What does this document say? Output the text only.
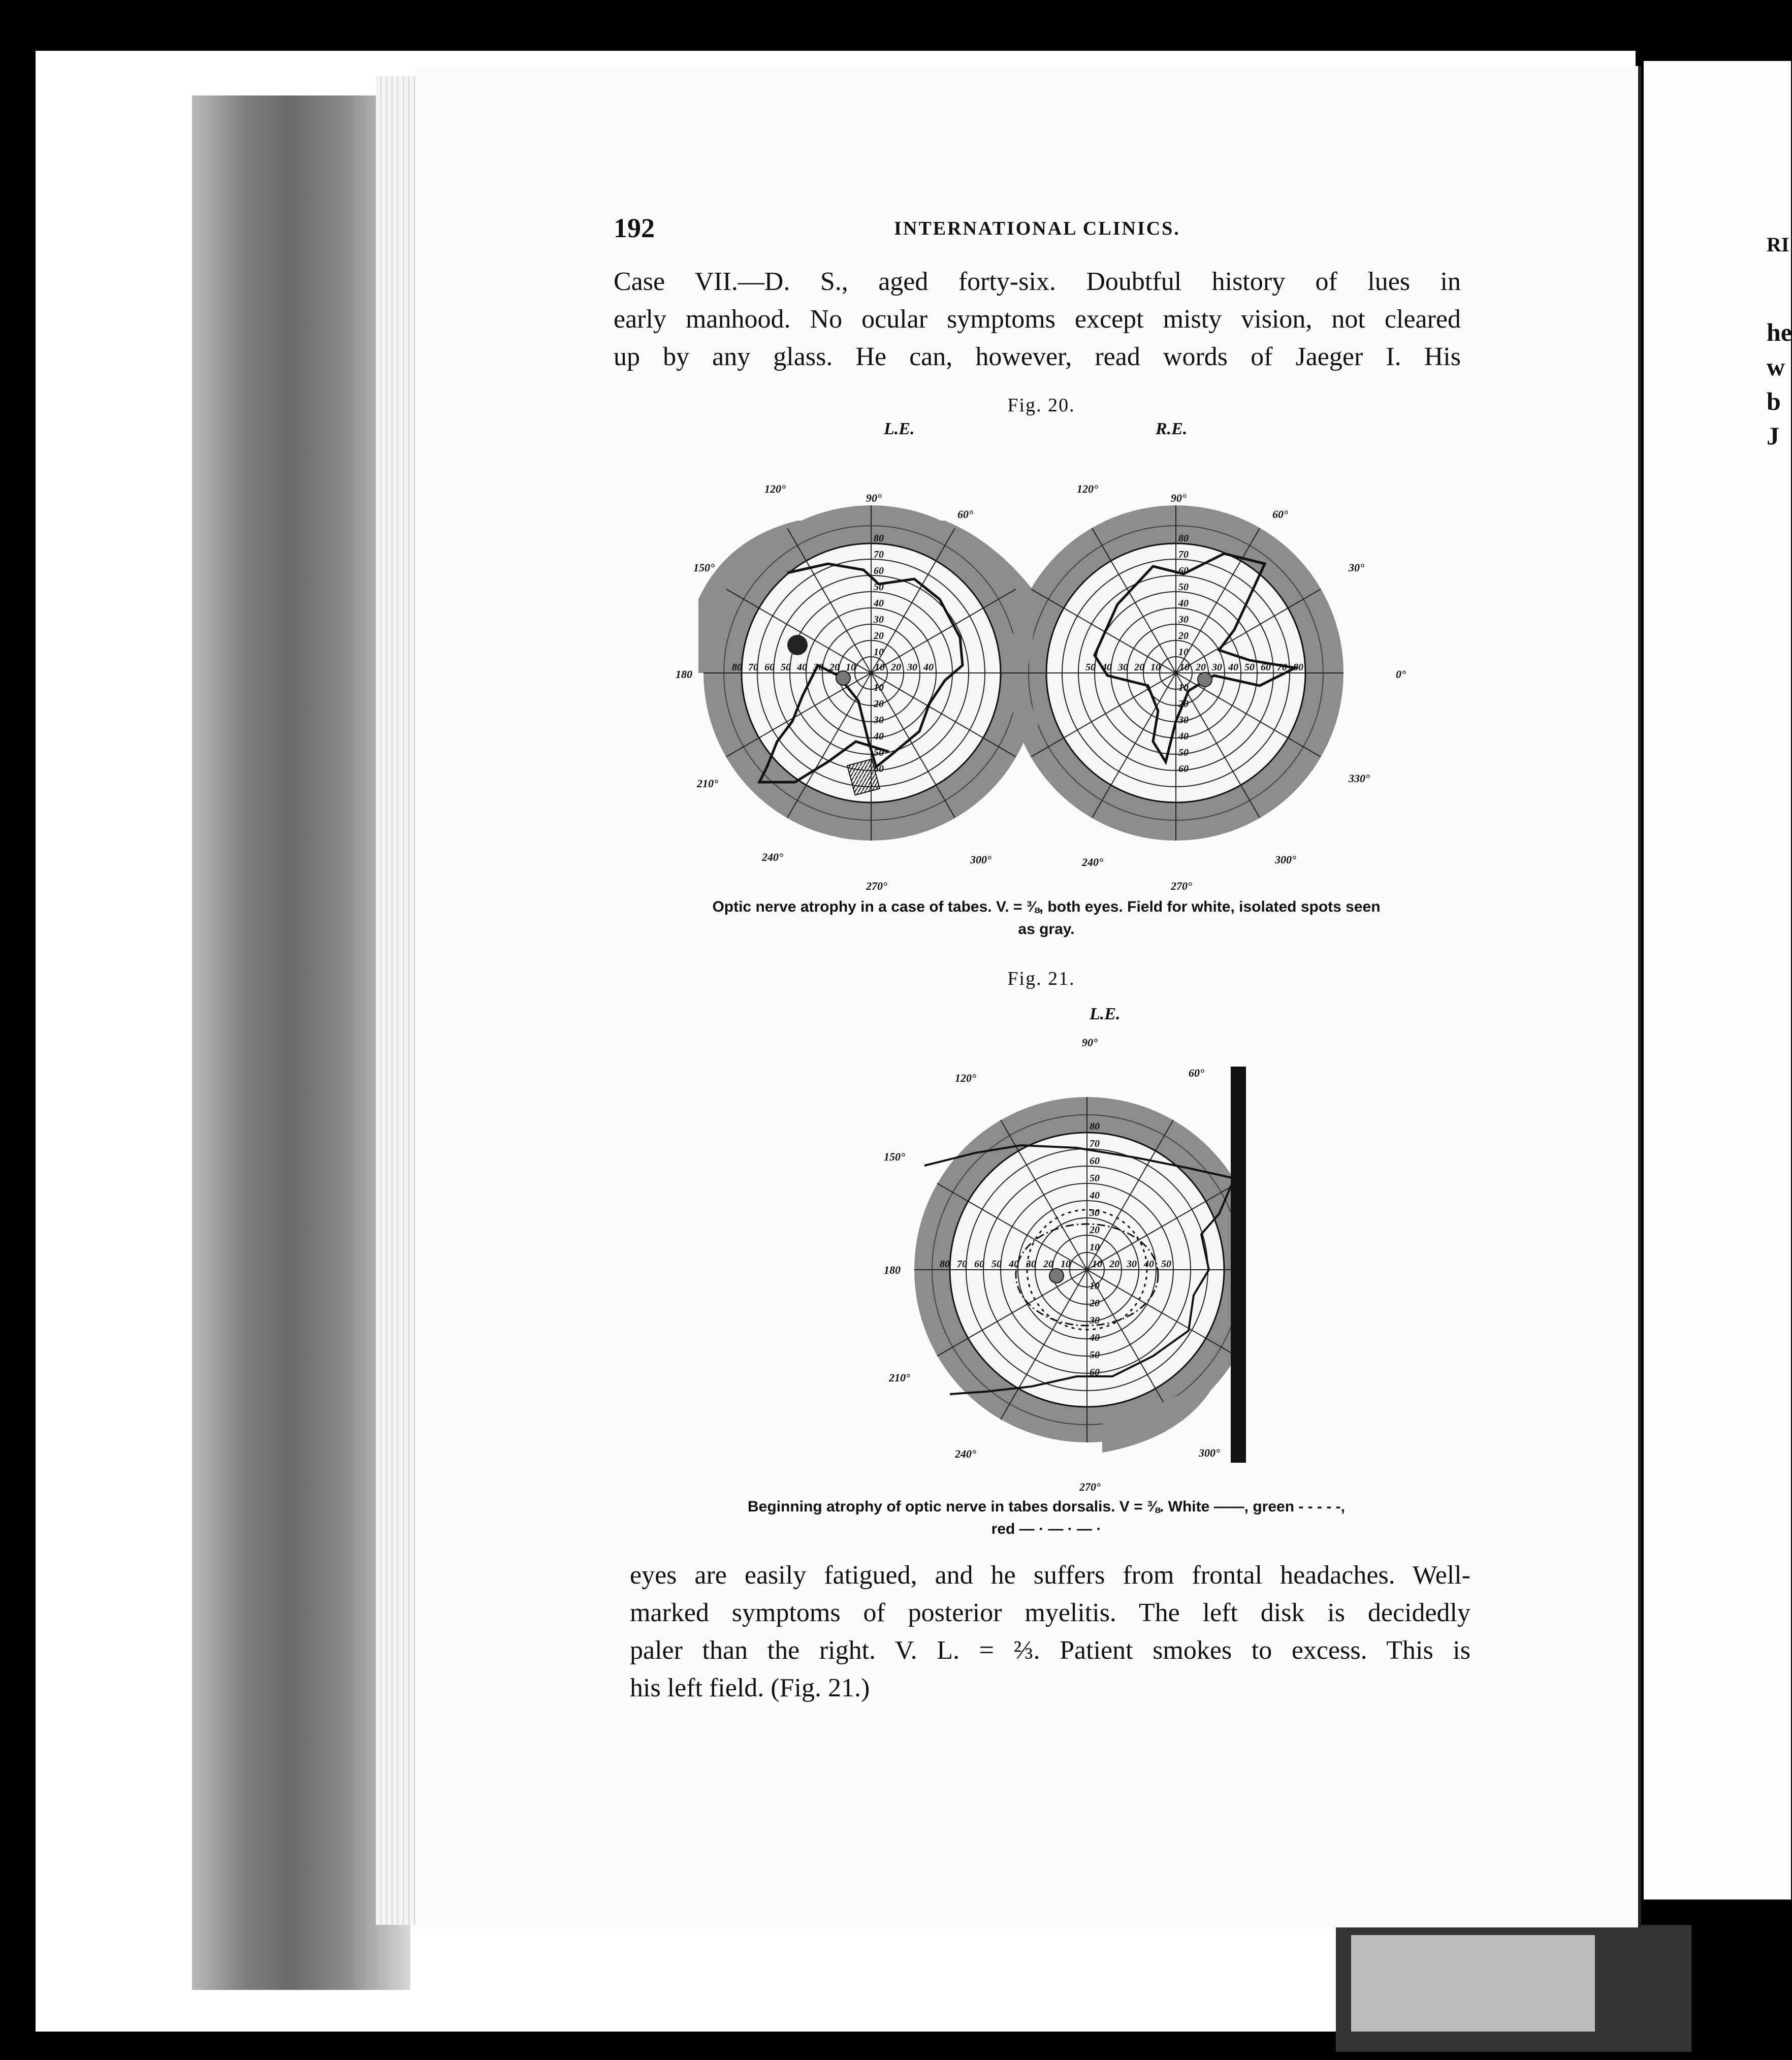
RI
he
w
b
J
192	INTERNATIONAL CLINICS.
Case VII.—D. S., aged forty-six. Doubtful history of lues in
early manhood. No ocular symptoms except misty vision, not cleared
up by any glass. He can, however, read words of Jaeger I. His
Fig. 20.
L.E.	R.E.
10
20
30
40
50
60
70
80	10 20 30 40
10
20
30
40
50
60
70
80
10
20
30
40
50
60
10
20
30
40
50	10 20 30 40 50 60 70 80
10
20
30
40
50
60
70
80
10
20
30
40
50
60
90°
60°
120°
150°
180
210°
240°
270°
300°
90°
120°
60°
30°
0°
330°
300°
240°
270°
Optic nerve atrophy in a case of tabes. V. = ⅜, both eyes. Field for white, isolated spots seen
as gray.
Fig. 21.
L.E.
10
20
30
40
50
60
70
80	10 20 30 40 50
10
20
30
40
50
60
70
80
10
20
30
40
50
60
90°
60°
120°
150°
180
210°
240°
270°
300°
Beginning atrophy of optic nerve in tabes dorsalis. V = ⅜. White ——, green - - - - -,
red — · — · — ·
eyes are easily fatigued, and he suffers from frontal headaches. Well-
marked symptoms of posterior myelitis. The left disk is decidedly
paler than the right. V. L. = ⅔. Patient smokes to excess. This is
his left field. (Fig. 21.)
